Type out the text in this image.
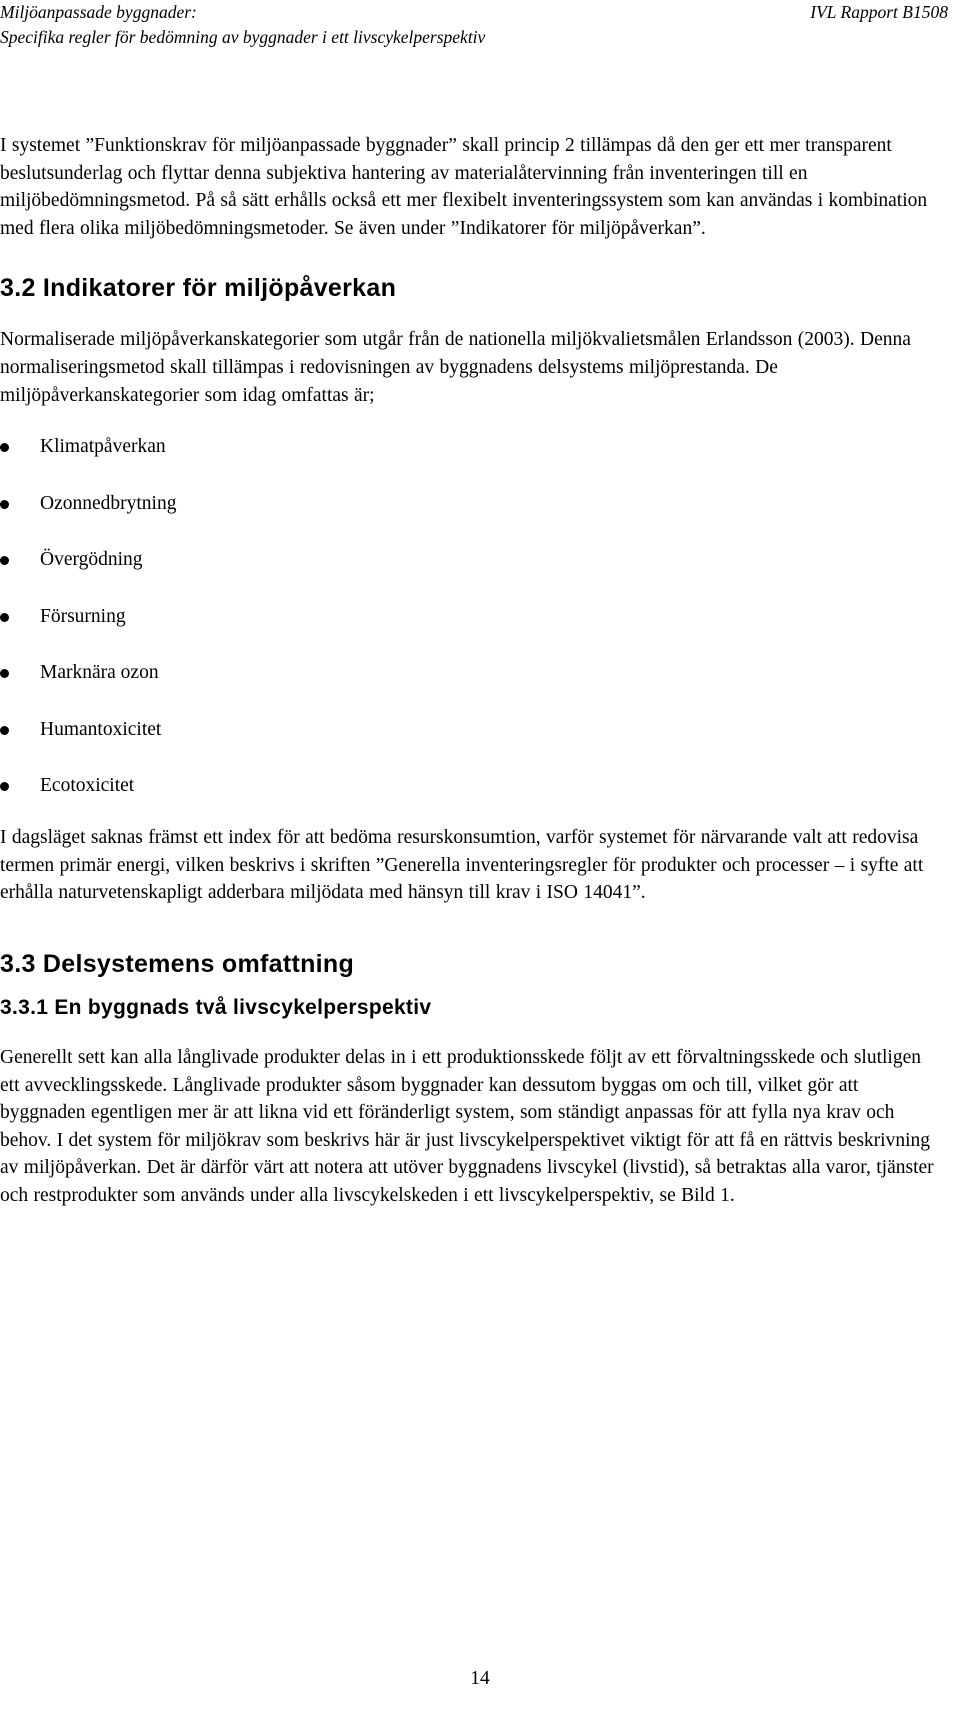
Miljöanpassade byggnader:
Specifika regler för bedömning av byggnader i ett livscykelperspektiv
IVL Rapport B1508

I systemet ”Funktionskrav för miljöanpassade byggnader” skall princip 2 tillämpas då den ger ett mer transparent beslutsunderlag och flyttar denna subjektiva hantering av materialåtervinning från inventeringen till en miljöbedömningsmetod. På så sätt erhålls också ett mer flexibelt inventeringssystem som kan användas i kombination med flera olika miljöbedömningsmetoder. Se även under ”Indikatorer för miljöpåverkan”.

3.2 Indikatorer för miljöpåverkan

Normaliserade miljöpåverkanskategorier som utgår från de nationella miljökvalietsmålen Erlandsson (2003). Denna normaliseringsmetod skall tillämpas i redovisningen av byggnadens delsystems miljöprestanda. De miljöpåverkanskategorier som idag omfattas är;

Klimatpåverkan
Ozonnedbrytning
Övergödning
Försurning
Marknära ozon
Humantoxicitet
Ecotoxicitet

I dagsläget saknas främst ett index för att bedöma resurskonsumtion, varför systemet för närvarande valt att redovisa termen primär energi, vilken beskrivs i skriften ”Generella inventeringsregler för produkter och processer – i syfte att erhålla naturvetenskapligt adderbara miljödata med hänsyn till krav i ISO 14041”.

3.3 Delsystemens omfattning
3.3.1 En byggnads två livscykelperspektiv

Generellt sett kan alla långlivade produkter delas in i ett produktionsskede följt av ett förvaltningsskede och slutligen ett avvecklingsskede. Långlivade produkter såsom byggnader kan dessutom byggas om och till, vilket gör att byggnaden egentligen mer är att likna vid ett föränderligt system, som ständigt anpassas för att fylla nya krav och behov. I det system för miljökrav som beskrivs här är just livscykelperspektivet viktigt för att få en rättvis beskrivning av miljöpåverkan. Det är därför värt att notera att utöver byggnadens livscykel (livstid), så betraktas alla varor, tjänster och restprodukter som används under alla livscykelskeden i ett livscykelperspektiv, se Bild 1.

14
